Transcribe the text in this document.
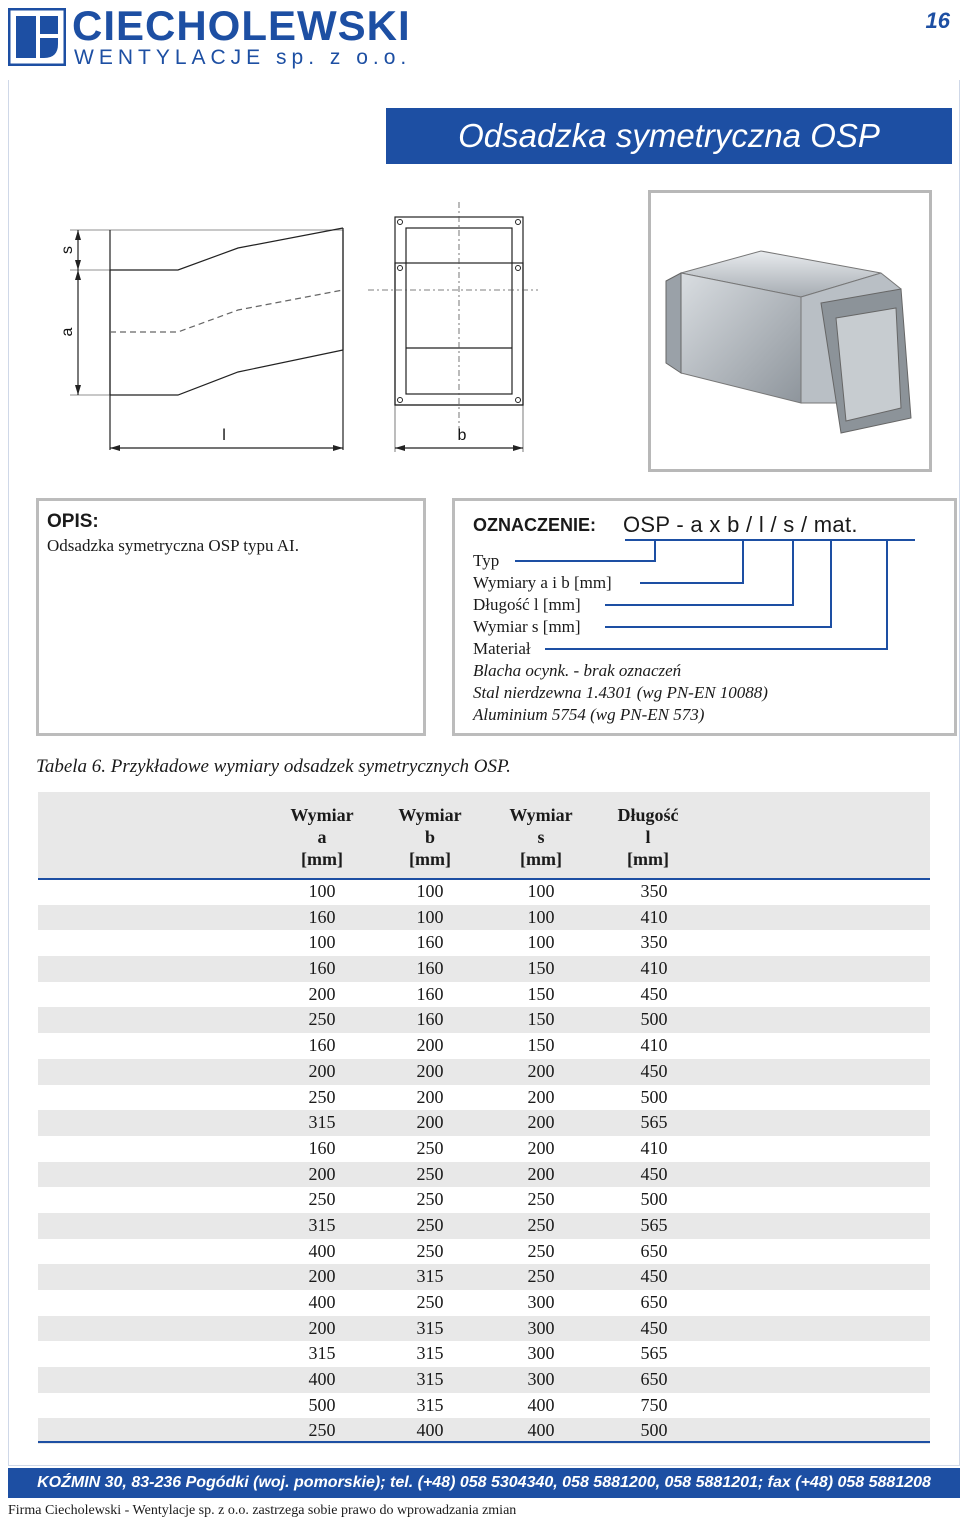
CIECHOLEWSKI
WENTYLACJE sp. z o.o.
16
Odsadzka symetryczna OSP
s
a
l	b
OPIS:
Odsadzka symetryczna OSP typu AI.
OZNACZENIE: OSP - a x b / l / s / mat.
Typ
Wymiary a i b [mm]
Długość l [mm]
Wymiar s [mm]
Materiał
Blacha ocynk. - brak oznaczeń
Stal nierdzewna 1.4301 (wg PN-EN 10088)
Aluminium 5754 (wg PN-EN 573)
Tabela 6. Przykładowe wymiary odsadzek symetrycznych OSP.
Wymiar
a
[mm]
Wymiar
b
[mm]
Wymiar
s
[mm]
Długość
l
[mm]
100	100	100	350
160	100	100	410
100	160	100	350
160	160	150	410
200	160	150	450
250	160	150	500
160	200	150	410
200	200	200	450
250	200	200	500
315	200	200	565
160	250	200	410
200	250	200	450
250	250	250	500
315	250	250	565
400	250	250	650
200	315	250	450
400	250	300	650
200	315	300	450
315	315	300	565
400	315	300	650
500	315	400	750
250	400	400	500
KOŹMIN 30, 83-236 Pogódki (woj. pomorskie); tel. (+48) 058 5304340, 058 5881200, 058 5881201; fax (+48) 058 5881208
Firma Ciecholewski - Wentylacje sp. z o.o. zastrzega sobie prawo do wprowadzania zmian
